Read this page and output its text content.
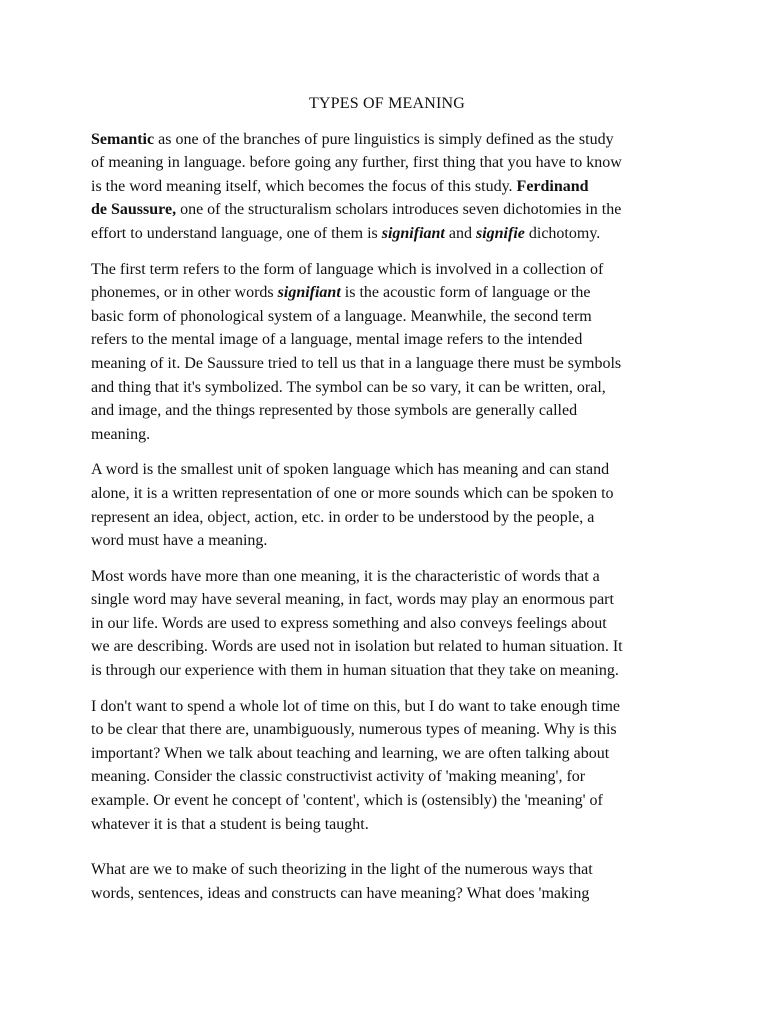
TYPES OF MEANING

Semantic as one of the branches of pure linguistics is simply defined as the study
of meaning in language. before going any further, first thing that you have to know
is the word meaning itself, which becomes the focus of this study. Ferdinand
de Saussure, one of the structuralism scholars introduces seven dichotomies in the
effort to understand language, one of them is signifiant and signifie dichotomy.

The first term refers to the form of language which is involved in a collection of
phonemes, or in other words signifiant is the acoustic form of language or the
basic form of phonological system of a language. Meanwhile, the second term
refers to the mental image of a language, mental image refers to the intended
meaning of it. De Saussure tried to tell us that in a language there must be symbols
and thing that it's symbolized. The symbol can be so vary, it can be written, oral,
and image, and the things represented by those symbols are generally called
meaning.

A word is the smallest unit of spoken language which has meaning and can stand
alone, it is a written representation of one or more sounds which can be spoken to
represent an idea, object, action, etc. in order to be understood by the people, a
word must have a meaning.

Most words have more than one meaning, it is the characteristic of words that a
single word may have several meaning, in fact, words may play an enormous part
in our life. Words are used to express something and also conveys feelings about
we are describing. Words are used not in isolation but related to human situation. It
is through our experience with them in human situation that they take on meaning.

I don't want to spend a whole lot of time on this, but I do want to take enough time
to be clear that there are, unambiguously, numerous types of meaning. Why is this
important? When we talk about teaching and learning, we are often talking about
meaning. Consider the classic constructivist activity of 'making meaning', for
example. Or event he concept of 'content', which is (ostensibly) the 'meaning' of
whatever it is that a student is being taught.

What are we to make of such theorizing in the light of the numerous ways that
words, sentences, ideas and constructs can have meaning? What does 'making
